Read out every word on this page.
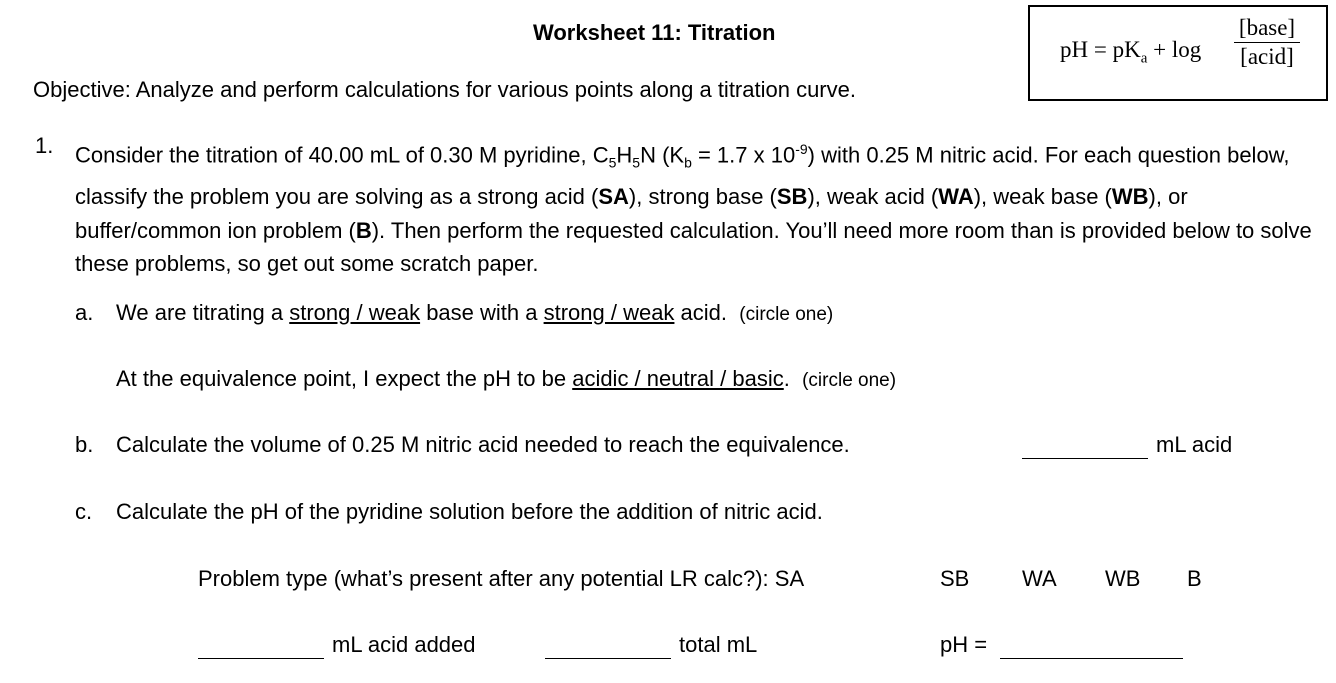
Worksheet 11: Titration
pH = $pK_a + \log$
[base]
[acid]
Objective: Analyze and perform calculations for various points along a titration curve.
1. Consider the titration of 40.00 mL of 0.30 M pyridine, $C_5H_5N$ ($K_b = 1.7$ x $10^{-9}$) with 0.25 M nitric acid. For each question below, classify the problem you are solving as a strong acid (SA), strong base (SB), weak acid (WA), weak base (WB), or buffer/common ion problem (B). Then perform the requested calculation. You’ll need more room than is provided below to solve these problems, so get out some scratch paper.
a. We are titrating a strong / weak base with a strong / weak acid. (circle one)
At the equivalence point, I expect the pH to be acidic / neutral / basic. (circle one)
b. Calculate the volume of 0.25 M nitric acid needed to reach the equivalence.	mL acid
c. Calculate the pH of the pyridine solution before the addition of nitric acid.
Problem type (what’s present after any potential LR calc?): SA	SB WA WB B
mL acid added	total mL	pH =
